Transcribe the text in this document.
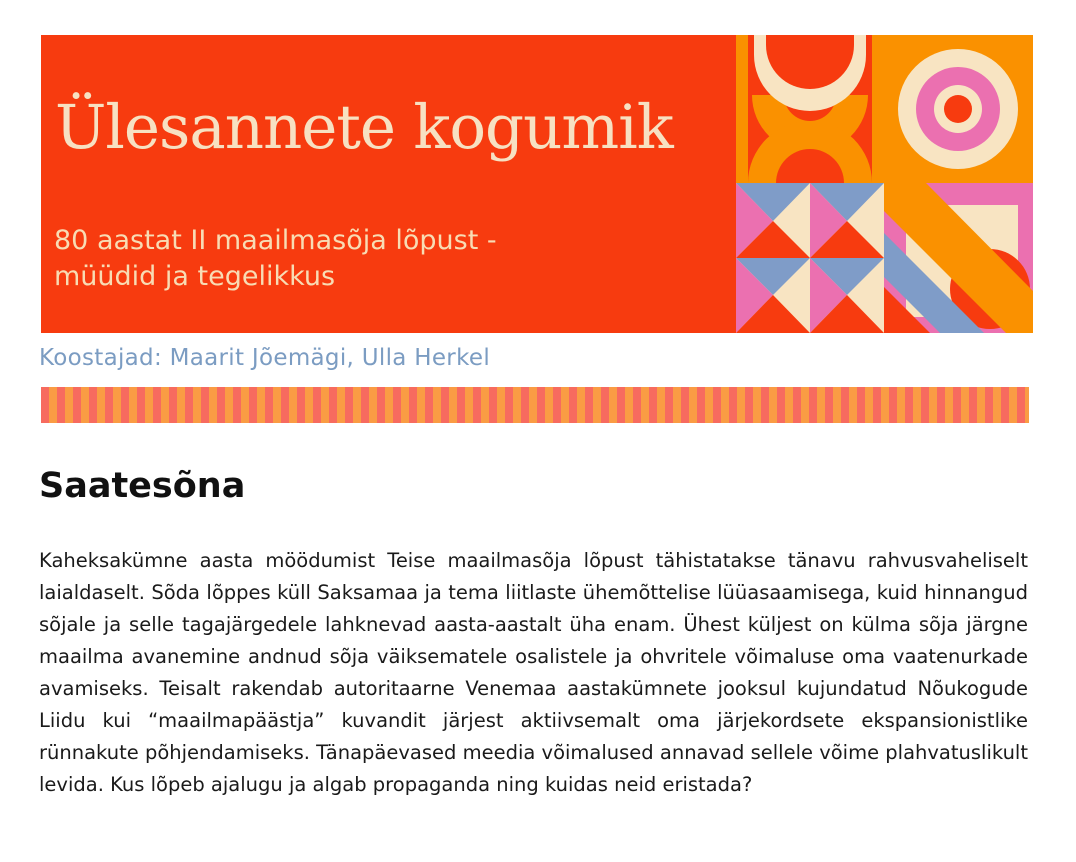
Ülesannete kogumik
80 aastat II maailmasõja lõpust -
müüdid ja tegelikkus
Koostajad: Maarit Jõemägi, Ulla Herkel
Saatesõna

Kaheksakümne aasta möödumist Teise maailmasõja lõpust tähistatakse tänavu rahvusvaheliselt laialdaselt. Sõda lõppes küll Saksamaa ja tema liitlaste ühemõttelise lüüasaamisega, kuid hinnangud sõjale ja selle tagajärgedele lahknevad aasta-aastalt üha enam. Ühest küljest on külma sõja järgne maailma avanemine andnud sõja väiksematele osalistele ja ohvritele võimaluse oma vaatenurkade avamiseks. Teisalt rakendab autoritaarne Venemaa aastakümnete jooksul kujundatud Nõukogude Liidu kui “maailmapäästja” kuvandit järjest aktiivsemalt oma järjekordsete ekspansionistlike rünnakute põhjendamiseks. Tänapäevased meedia võimalused annavad sellele võime plahvatuslikult levida. Kus lõpeb ajalugu ja algab propaganda ning kuidas neid eristada?
